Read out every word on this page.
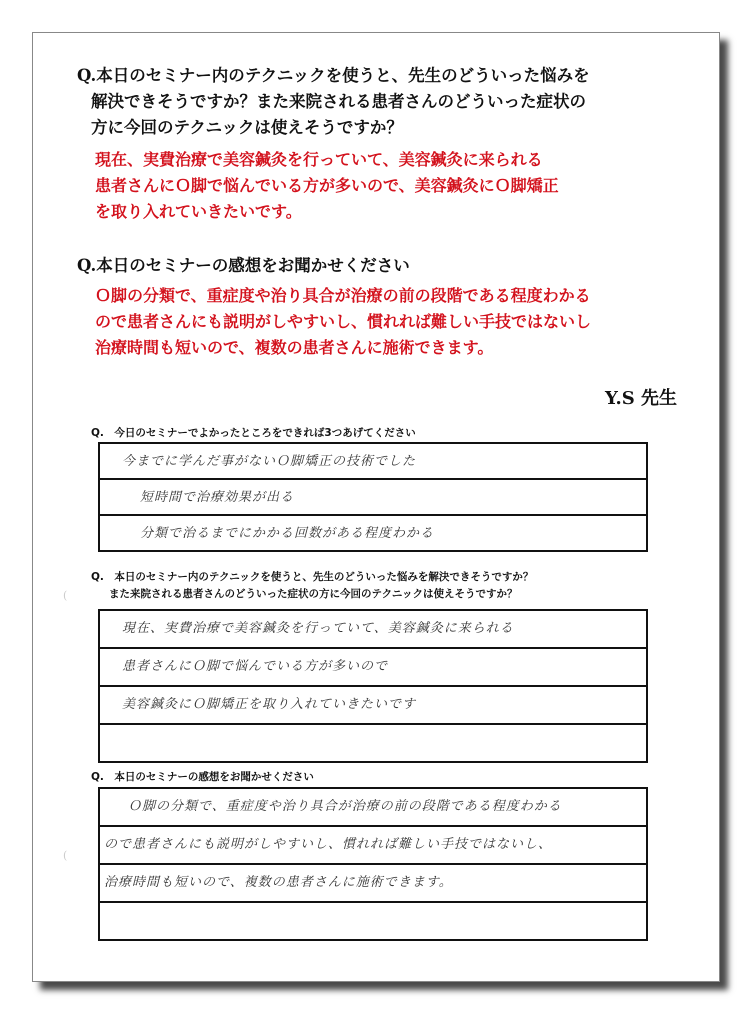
Q.本日のセミナー内のテクニックを使うと、先生のどういった悩みを
解決できそうですか？また来院される患者さんのどういった症状の
方に今回のテクニックは使えそうですか？
現在、実費治療で美容鍼灸を行っていて、美容鍼灸に来られる
患者さんにＯ脚で悩んでいる方が多いので、美容鍼灸にＯ脚矯正
を取り入れていきたいです。
Q.本日のセミナーの感想をお聞かせください
Ｏ脚の分類で、重症度や治り具合が治療の前の段階である程度わかる
ので患者さんにも説明がしやすいし、慣れれば難しい手技ではないし
治療時間も短いので、複数の患者さんに施術できます。
Y.S 先生
Q.　今日のセミナーでよかったところをできれば3つあげてください
今までに学んだ事がないＯ脚矯正の技術でした
短時間で治療効果が出る
分類で治るまでにかかる回数がある程度わかる
Q.　本日のセミナー内のテクニックを使うと、先生のどういった悩みを解決できそうですか？
また来院される患者さんのどういった症状の方に今回のテクニックは使えそうですか？
(
現在、実費治療で美容鍼灸を行っていて、美容鍼灸に来られる
患者さんにＯ脚で悩んでいる方が多いので
美容鍼灸にＯ脚矯正を取り入れていきたいです
Q.　本日のセミナーの感想をお聞かせください
(
Ｏ脚の分類で、重症度や治り具合が治療の前の段階である程度わかる
ので患者さんにも説明がしやすいし、慣れれば難しい手技ではないし、
治療時間も短いので、複数の患者さんに施術できます。
